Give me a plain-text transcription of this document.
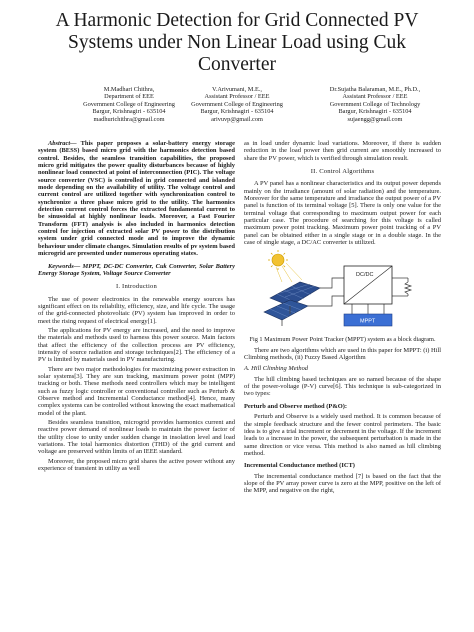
A Harmonic Detection for Grid Connected PV
Systems under Non Linear Load using Cuk
Converter
M.Madhari Chithra,
Department of EEE
Government College of Engineering
Bargur, Krishnagiri - 635104
madhurichithra@gmail.com
V.Arivumani, M.E.,
Assistant Professor / EEE
Government College of Engineering
Bargur, Krishnagiri - 635104
arivuvp@gmail.com
Dr.Sujatha Balaraman, M.E., Ph.D.,
Assistant Professor / EEE
Government College of Technology
Bargur, Krishnagiri - 635104
sujaengg@gmail.com

Abstract— This paper proposes a solar-battery energy storage system (BESS) based micro grid with the harmonics detection based control. Besides, the seamless transition capabilities, the proposed micro grid mitigates the power quality disturbances because of highly nonlinear load connected at point of interconnection (PIC). The voltage source converter (VSC) is controlled in grid connected and islanded mode depending on the availability of utility. The voltage control and current control are utilized together with synchronization control to synchronize a three phase micro grid to the utility. The harmonics detection current control forces the extracted fundamental current to be sinusoidal at highly nonlinear loads. Moreover, a Fast Fourier Transform (FFT) analysis is also included in harmonics detection control for injection of extracted solar PV power to the distribution system under grid connected mode and to improve the dynamic behaviour under climate changes. Simulation results of pv system based microgrid are presented under numerous operating states.

Keywords— MPPT, DC-DC Converter, Cuk Converter, Solar Battery Energy Storage System, Voltage Source Converter

I. Introduction

The use of power electronics in the renewable energy sources has significant effect on its reliability, efficiency, size, and life cycle. The usage of the grid-connected photovoltaic (PV) system has improved in order to meet the rising request of electrical energy[1].

The applications for PV energy are increased, and the need to improve the materials and methods used to harness this power source. Main factors that affect the efficiency of the collection process are PV efficiency, intensity of source radiation and storage techniques[2]. The efficiency of a PV is limited by materials used in PV manufacturing.

There are two major methodologies for maximizing power extraction in solar systems[3]. They are sun tracking, maximum power point (MPP) tracking or both. These methods need controllers which may be intelligent such as fuzzy logic controller or conventional controller such as Perturb & Observe method and Incremental Conductance method[4]. Hence, many complex systems can be controlled without knowing the exact mathematical model of the plant.

Besides seamless transition, microgrid provides harmonics current and reactive power demand of nonlinear loads to maintain the power factor of the utility close to unity under sudden change in insolation level and load variations. The total harmonics distortion (THD) of the grid current and voltage are preserved within limits of an IEEE standard.

Moreover, the proposed micro grid shares the active power without any experience of transient in utility as well

as in load under dynamic load variations. Moreover, if there is sudden reduction in the load power then grid current are smoothly increased to share the PV power, which is verified through simulation result.

II. Control Algorithms

A PV panel has a nonlinear characteristics and its output power depends mainly on the irradiance (amount of solar radiation) and the temperature. Moreover for the same temperature and irradiance the output power of a PV panel is function of its terminal voltage [5]. There is only one value for the terminal voltage that corresponding to maximum output power for each particular case. The procedure of searching for this voltage is called maximum power point tracking. Maximum power point tracking of a PV panel can be obtained either in a single stage or in a double stage. In the case of single stage, a DC/AC converter is utilized.

DC/DC
MPPT
Fig 1 Maximum Power Point Tracker (MPPT) system as a block diagram.

There are two algorithms which are used in this paper for MPPT: (i) Hill Climbing methods, (ii) Fuzzy Based Algorithm

A. Hill Climbing Method

The hill climbing based techniques are so named because of the shape of the power-voltage (P-V) curve[6]. This technique is sub-categorized in two types:

Perturb and Observe method (P&O):

Perturb and Observe is a widely used method. It is common because of the simple feedback structure and the fewer control perimeters. The basic idea is to give a trial increment or decrement in the voltage. If the increment leads to a increase in the power, the subsequent perturbation is made in the same direction or vice versa. This method is also named as hill climbing method.

Incremental Conductance method (ICT)

The incremental conductance method [7] is based on the fact that the slope of the PV array power curve is zero at the MPP, positive on the left of the MPP, and negative on the right,
